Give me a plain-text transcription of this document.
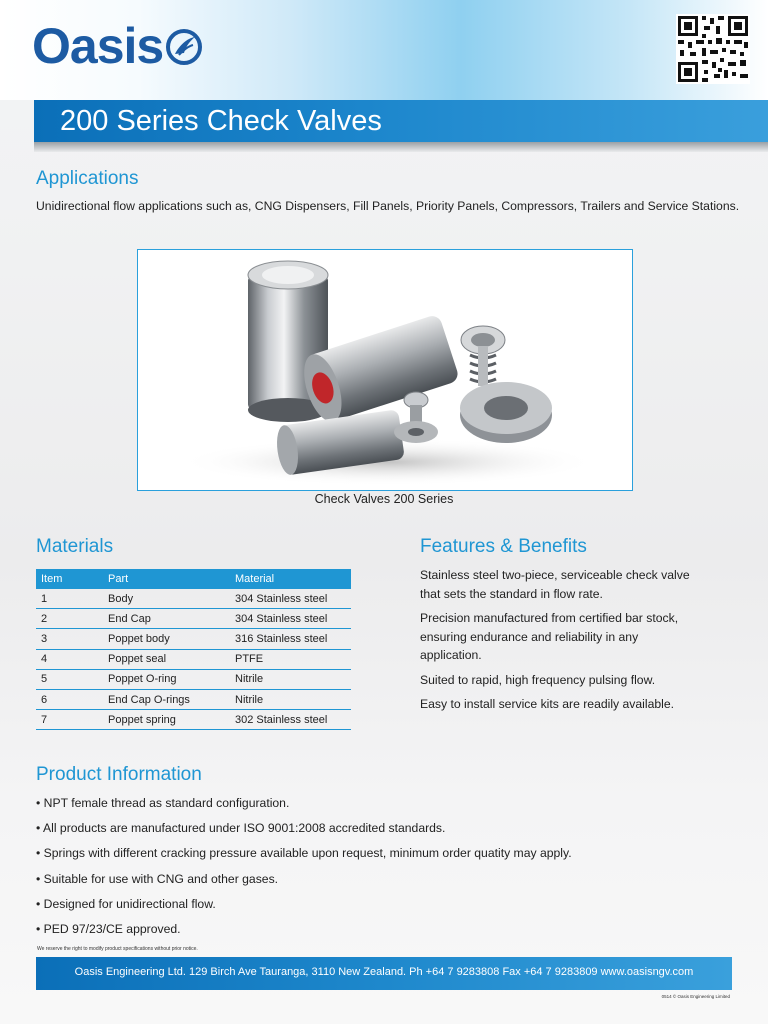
Oasis
200 Series Check Valves
Applications

Unidirectional flow applications such as, CNG Dispensers, Fill Panels, Priority Panels, Compressors, Trailers and Service Stations.

Check Valves 200 Series
Materials
Item	Part	Material
1	Body	304 Stainless steel
2	End Cap	304 Stainless steel
3	Poppet body	316 Stainless steel
4	Poppet seal	PTFE
5	Poppet O-ring	Nitrile
6	End Cap O-rings	Nitrile
7	Poppet spring	302 Stainless steel
Features & Benefits

Stainless steel two-piece, serviceable check valve that sets the standard in flow rate.

Precision manufactured from certified bar stock, ensuring endurance and reliability in any application.

Suited to rapid, high frequency pulsing flow.

Easy to install service kits are readily available.

Product Information
• NPT female thread as standard configuration.
• All products are manufactured under ISO 9001:2008 accredited standards.
• Springs with different cracking pressure available upon request, minimum order quatity may apply.
• Suitable for use with CNG and other gases.
• Designed for unidirectional flow.
• PED 97/23/CE approved.
We reserve the right to modify product specifications without prior notice.
Oasis Engineering Ltd. 129 Birch Ave Tauranga, 3110 New Zealand. Ph +64 7 9283808 Fax +64 7 9283809 www.oasisngv.com
0514 © Oasis Engineering Limited
